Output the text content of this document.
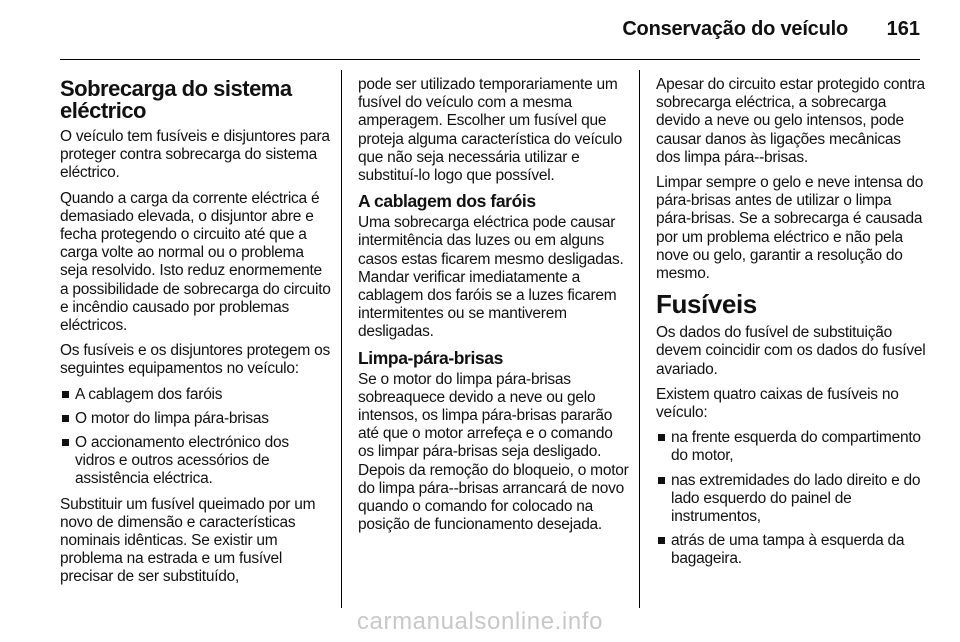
Conservação do veículo	161
Sobrecarga do sistema eléctrico

O veículo tem fusíveis e disjuntores para proteger contra sobrecarga do sistema eléctrico.

Quando a carga da corrente eléctrica é demasiado elevada, o disjuntor abre e fecha protegendo o circuito até que a carga volte ao normal ou o problema seja resolvido. Isto reduz enormemente a possibilidade de sobrecarga do circuito e incêndio causado por problemas eléctricos.

Os fusíveis e os disjuntores protegem os seguintes equipamentos no veículo:

A cablagem dos faróis
O motor do limpa pára-brisas
O accionamento electrónico dos vidros e outros acessórios de assistência eléctrica.

Substituir um fusível queimado por um novo de dimensão e características nominais idênticas. Se existir um problema na estrada e um fusível precisar de ser substituído,

pode ser utilizado temporariamente um fusível do veículo com a mesma amperagem. Escolher um fusível que proteja alguma característica do veículo que não seja necessária utilizar e substituí-lo logo que possível.

A cablagem dos faróis

Uma sobrecarga eléctrica pode causar intermitência das luzes ou em alguns casos estas ficarem mesmo desligadas. Mandar verificar imediatamente a cablagem dos faróis se a luzes ficarem intermitentes ou se mantiverem desligadas.

Limpa-pára-brisas

Se o motor do limpa pára-brisas sobreaquece devido a neve ou gelo intensos, os limpa pára-brisas pararão até que o motor arrefeça e o comando os limpar pára-brisas seja desligado. Depois da remoção do bloqueio, o motor do limpa pára--brisas arrancará de novo quando o comando for colocado na posição de funcionamento desejada.

Apesar do circuito estar protegido contra sobrecarga eléctrica, a sobrecarga devido a neve ou gelo intensos, pode causar danos às ligações mecânicas dos limpa pára--brisas.

Limpar sempre o gelo e neve intensa do pára-brisas antes de utilizar o limpa pára-brisas. Se a sobrecarga é causada por um problema eléctrico e não pela nove ou gelo, garantir a resolução do mesmo.

Fusíveis

Os dados do fusível de substituição devem coincidir com os dados do fusível avariado.

Existem quatro caixas de fusíveis no veículo:

na frente esquerda do compartimento do motor,
nas extremidades do lado direito e do lado esquerdo do painel de instrumentos,
atrás de uma tampa à esquerda da bagageira.
carmanualsonline.info
